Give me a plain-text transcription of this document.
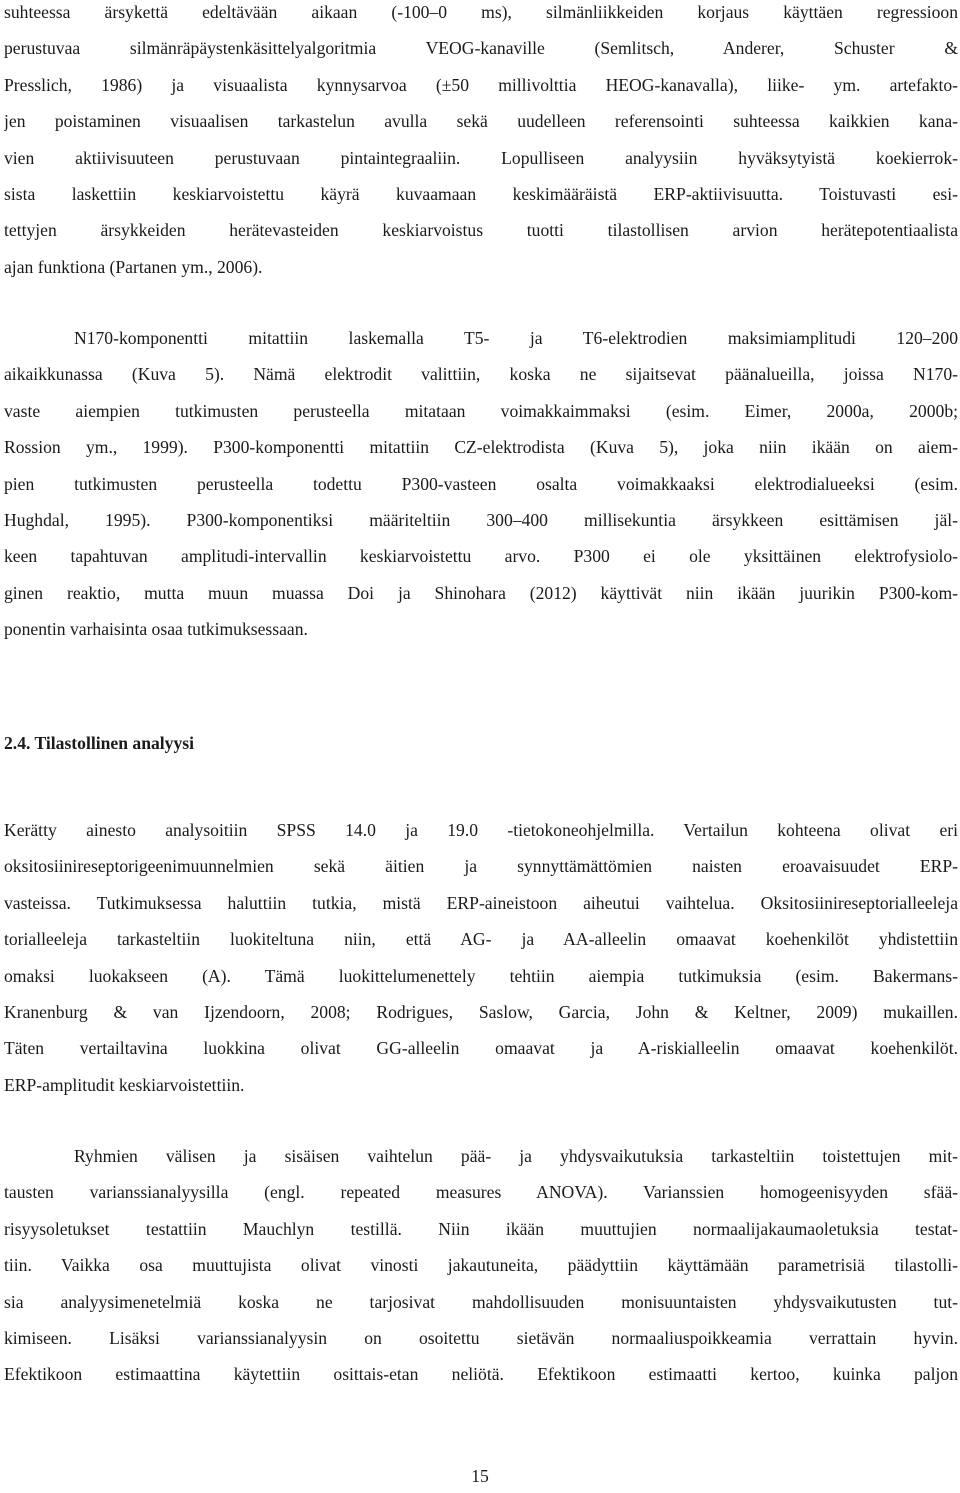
suhteessa ärsykettä edeltävään aikaan (-100–0 ms), silmänliikkeiden korjaus käyttäen regressioon

perustuvaa silmänräpäystenkäsittelyalgoritmia VEOG-kanaville (Semlitsch, Anderer, Schuster &

Presslich, 1986) ja visuaalista kynnysarvoa (±50 millivolttia HEOG-kanavalla), liike- ym. artefakto-

jen poistaminen visuaalisen tarkastelun avulla sekä uudelleen referensointi suhteessa kaikkien kana-

vien aktiivisuuteen perustuvaan pintaintegraaliin. Lopulliseen analyysiin hyväksytyistä koekierrok-

sista laskettiin keskiarvoistettu käyrä kuvaamaan keskimääräistä ERP-aktiivisuutta. Toistuvasti esi-

tettyjen ärsykkeiden herätevasteiden keskiarvoistus tuotti tilastollisen arvion herätepotentiaalista

ajan funktiona (Partanen ym., 2006).

N170-komponentti mitattiin laskemalla T5- ja T6-elektrodien maksimiamplitudi 120–200

aikaikkunassa (Kuva 5). Nämä elektrodit valittiin, koska ne sijaitsevat päänalueilla, joissa N170-

vaste aiempien tutkimusten perusteella mitataan voimakkaimmaksi (esim. Eimer, 2000a, 2000b;

Rossion ym., 1999). P300-komponentti mitattiin CZ-elektrodista (Kuva 5), joka niin ikään on aiem-

pien tutkimusten perusteella todettu P300-vasteen osalta voimakkaaksi elektrodialueeksi (esim.

Hughdal, 1995). P300-komponentiksi määriteltiin 300–400 millisekuntia ärsykkeen esittämisen jäl-

keen tapahtuvan amplitudi-intervallin keskiarvoistettu arvo. P300 ei ole yksittäinen elektrofysiolo-

ginen reaktio, mutta muun muassa Doi ja Shinohara (2012) käyttivät niin ikään juurikin P300-kom-

ponentin varhaisinta osaa tutkimuksessaan.

2.4. Tilastollinen analyysi

Kerätty ainesto analysoitiin SPSS 14.0 ja 19.0 -tietokoneohjelmilla. Vertailun kohteena olivat eri

oksitosiinireseptorigeenimuunnelmien sekä äitien ja synnyttämättömien naisten eroavaisuudet ERP-

vasteissa. Tutkimuksessa haluttiin tutkia, mistä ERP-aineistoon aiheutui vaihtelua. Oksitosiinireseptorialleeleja

torialleeleja tarkasteltiin luokiteltuna niin, että AG- ja AA-alleelin omaavat koehenkilöt yhdistettiin

omaksi luokakseen (A). Tämä luokittelumenettely tehtiin aiempia tutkimuksia (esim. Bakermans-

Kranenburg & van Ijzendoorn, 2008; Rodrigues, Saslow, Garcia, John & Keltner, 2009) mukaillen.

Täten vertailtavina luokkina olivat GG-alleelin omaavat ja A-riskialleelin omaavat koehenkilöt.

ERP-amplitudit keskiarvoistettiin.

Ryhmien välisen ja sisäisen vaihtelun pää- ja yhdysvaikutuksia tarkasteltiin toistettujen mit-

tausten varianssianalyysilla (engl. repeated measures ANOVA). Varianssien homogeenisyyden sfää-

risyysoletukset testattiin Mauchlyn testillä. Niin ikään muuttujien normaalijakaumaoletuksia testat-

tiin. Vaikka osa muuttujista olivat vinosti jakautuneita, päädyttiin käyttämään parametrisiä tilastolli-

sia analyysimenetelmiä koska ne tarjosivat mahdollisuuden monisuuntaisten yhdysvaikutusten tut-

kimiseen. Lisäksi varianssianalyysin on osoitettu sietävän normaaliuspoikkeamia verrattain hyvin.

Efektikoon estimaattina käytettiin osittais-etan neliötä. Efektikoon estimaatti kertoo, kuinka paljon

15
